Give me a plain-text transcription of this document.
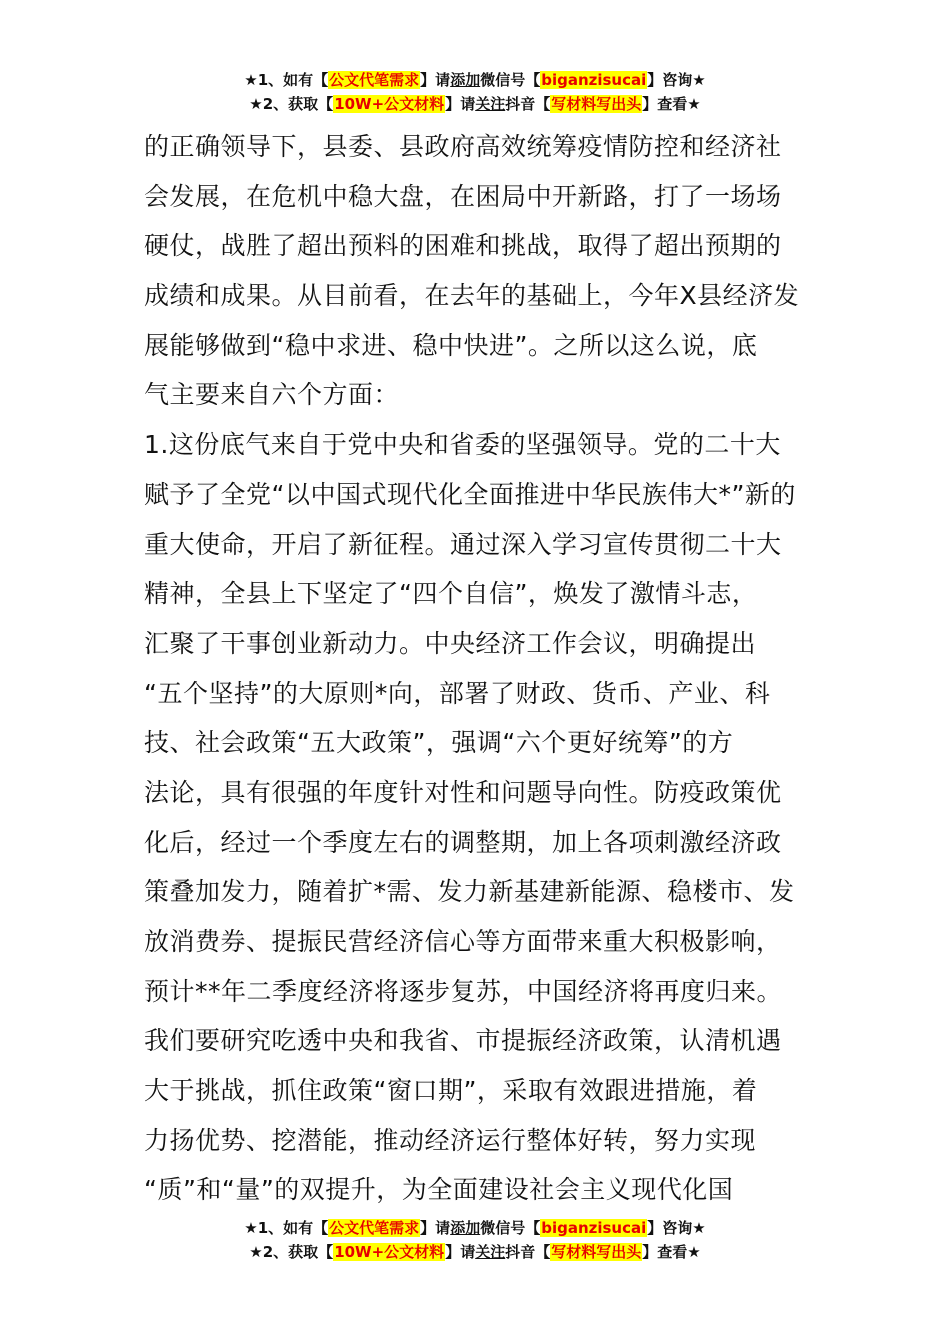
★1、如有【公文代笔需求】请添加微信号【biganzisucai】咨询★
★2、获取【10W+公文材料】请关注抖音【写材料写出头】查看★
的正确领导下，县委、县政府高效统筹疫情防控和经济社
会发展，在危机中稳大盘，在困局中开新路，打了一场场
硬仗，战胜了超出预料的困难和挑战，取得了超出预期的
成绩和成果。从目前看，在去年的基础上，今年X县经济发
展能够做到“稳中求进、稳中快进”。之所以这么说，底
气主要来自六个方面：
1.这份底气来自于党中央和省委的坚强领导。党的二十大
赋予了全党“以中国式现代化全面推进中华民族伟大*”新的
重大使命，开启了新征程。通过深入学习宣传贯彻二十大
精神，全县上下坚定了“四个自信”，焕发了激情斗志，
汇聚了干事创业新动力。中央经济工作会议，明确提出
“五个坚持”的大原则*向，部署了财政、货币、产业、科
技、社会政策“五大政策”，强调“六个更好统筹”的方
法论，具有很强的年度针对性和问题导向性。防疫政策优
化后，经过一个季度左右的调整期，加上各项刺激经济政
策叠加发力，随着扩*需、发力新基建新能源、稳楼市、发
放消费券、提振民营经济信心等方面带来重大积极影响，
预计**年二季度经济将逐步复苏，中国经济将再度归来。
我们要研究吃透中央和我省、市提振经济政策，认清机遇
大于挑战，抓住政策“窗口期”，采取有效跟进措施，着
力扬优势、挖潜能，推动经济运行整体好转，努力实现
“质”和“量”的双提升，为全面建设社会主义现代化国
★1、如有【公文代笔需求】请添加微信号【biganzisucai】咨询★
★2、获取【10W+公文材料】请关注抖音【写材料写出头】查看★
